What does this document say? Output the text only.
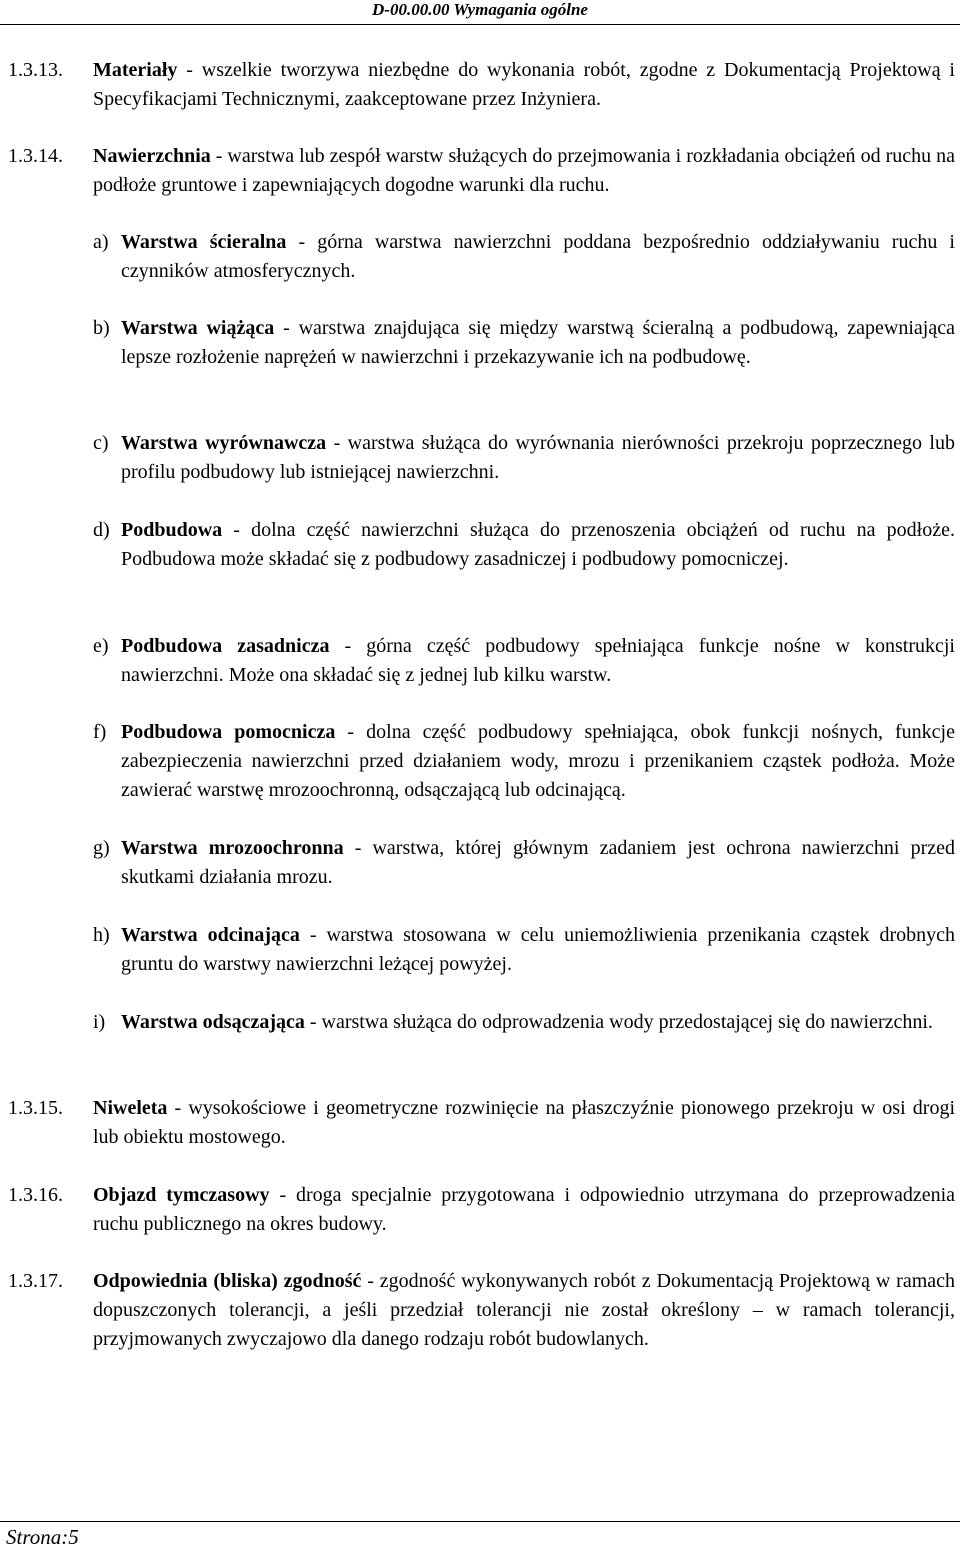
D-00.00.00 Wymagania ogólne
1.3.13. Materiały - wszelkie tworzywa niezbędne do wykonania robót, zgodne z Dokumentacją Projektową i Specyfikacjami Technicznymi, zaakceptowane przez Inżyniera.
1.3.14. Nawierzchnia - warstwa lub zespół warstw służących do przejmowania i rozkładania obciążeń od ruchu na podłoże gruntowe i zapewniających dogodne warunki dla ruchu.
a) Warstwa ścieralna - górna warstwa nawierzchni poddana bezpośrednio oddziaływaniu ruchu i czynników atmosferycznych.
b) Warstwa wiążąca - warstwa znajdująca się między warstwą ścieralną a podbudową, zapewniająca lepsze rozłożenie naprężeń w nawierzchni i przekazywanie ich na podbudowę.
c) Warstwa wyrównawcza - warstwa służąca do wyrównania nierówności przekroju poprzecznego lub profilu podbudowy lub istniejącej nawierzchni.
d) Podbudowa - dolna część nawierzchni służąca do przenoszenia obciążeń od ruchu na podłoże. Podbudowa może składać się z podbudowy zasadniczej i podbudowy pomocniczej.
e) Podbudowa zasadnicza - górna część podbudowy spełniająca funkcje nośne w konstrukcji nawierzchni. Może ona składać się z jednej lub kilku warstw.
f) Podbudowa pomocnicza - dolna część podbudowy spełniająca, obok funkcji nośnych, funkcje zabezpieczenia nawierzchni przed działaniem wody, mrozu i przenikaniem cząstek podłoża. Może zawierać warstwę mrozoochronną, odsączającą lub odcinającą.
g) Warstwa mrozoochronna - warstwa, której głównym zadaniem jest ochrona nawierzchni przed skutkami działania mrozu.
h) Warstwa odcinająca - warstwa stosowana w celu uniemożliwienia przenikania cząstek drobnych gruntu do warstwy nawierzchni leżącej powyżej.
i) Warstwa odsączająca - warstwa służąca do odprowadzenia wody przedostającej się do nawierzchni.
1.3.15. Niweleta - wysokościowe i geometryczne rozwinięcie na płaszczyźnie pionowego przekroju w osi drogi lub obiektu mostowego.
1.3.16. Objazd tymczasowy - droga specjalnie przygotowana i odpowiednio utrzymana do przeprowadzenia ruchu publicznego na okres budowy.
1.3.17. Odpowiednia (bliska) zgodność - zgodność wykonywanych robót z Dokumentacją Projektową w ramach dopuszczonych tolerancji, a jeśli przedział tolerancji nie został określony – w ramach tolerancji, przyjmowanych zwyczajowo dla danego rodzaju robót budowlanych.
Strona:5
